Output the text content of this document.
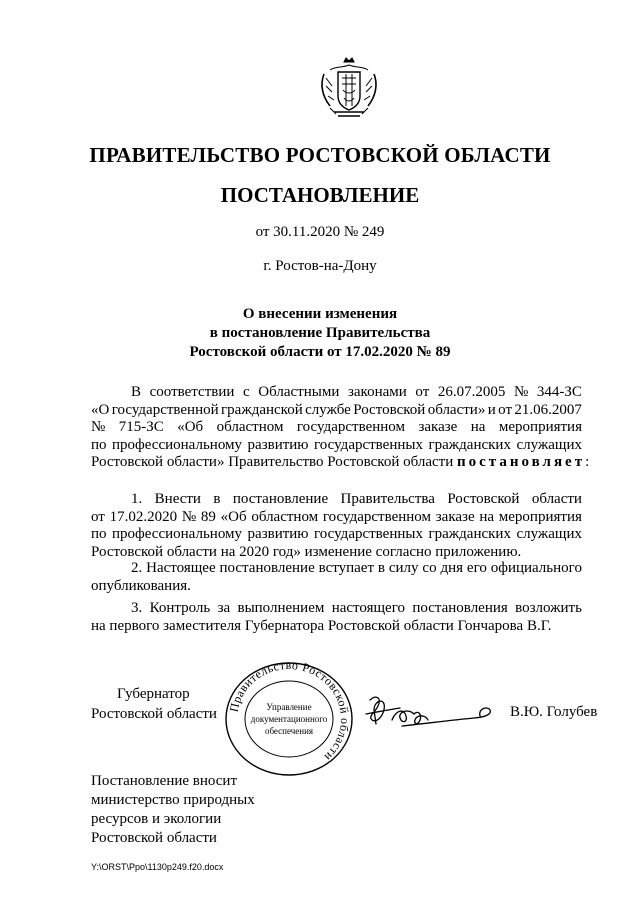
ПРАВИТЕЛЬСТВО РОСТОВСКОЙ ОБЛАСТИ
ПОСТАНОВЛЕНИЕ
от 30.11.2020 № 249
г. Ростов-на-Дону
О внесении изменения
в постановление Правительства
Ростовской области от 17.02.2020 № 89
В соответствии с Областными законами от 26.07.2005 № 344-ЗС
«О государственной гражданской службе Ростовской области» и от 21.06.2007
№ 715-ЗС «Об областном государственном заказе на мероприятия
по профессиональному развитию государственных гражданских служащих
Ростовской области» Правительство Ростовской области постановляет:
1. Внести в постановление Правительства Ростовской области
от 17.02.2020 № 89 «Об областном государственном заказе на мероприятия
по профессиональному развитию государственных гражданских служащих
Ростовской области на 2020 год» изменение согласно приложению.
2. Настоящее постановление вступает в силу со дня его официального
опубликования.
3. Контроль за выполнением настоящего постановления возложить
на первого заместителя Губернатора Ростовской области Гончарова В.Г.
Губернатор
Ростовской области Правительство Ростовской области
Управление
документационного
обеспечения
В.Ю. Голубев
Постановление вносит
министерство природных
ресурсов и экологии
Ростовской области
Y:\ORST\Ppo\1130p249.f20.docx
